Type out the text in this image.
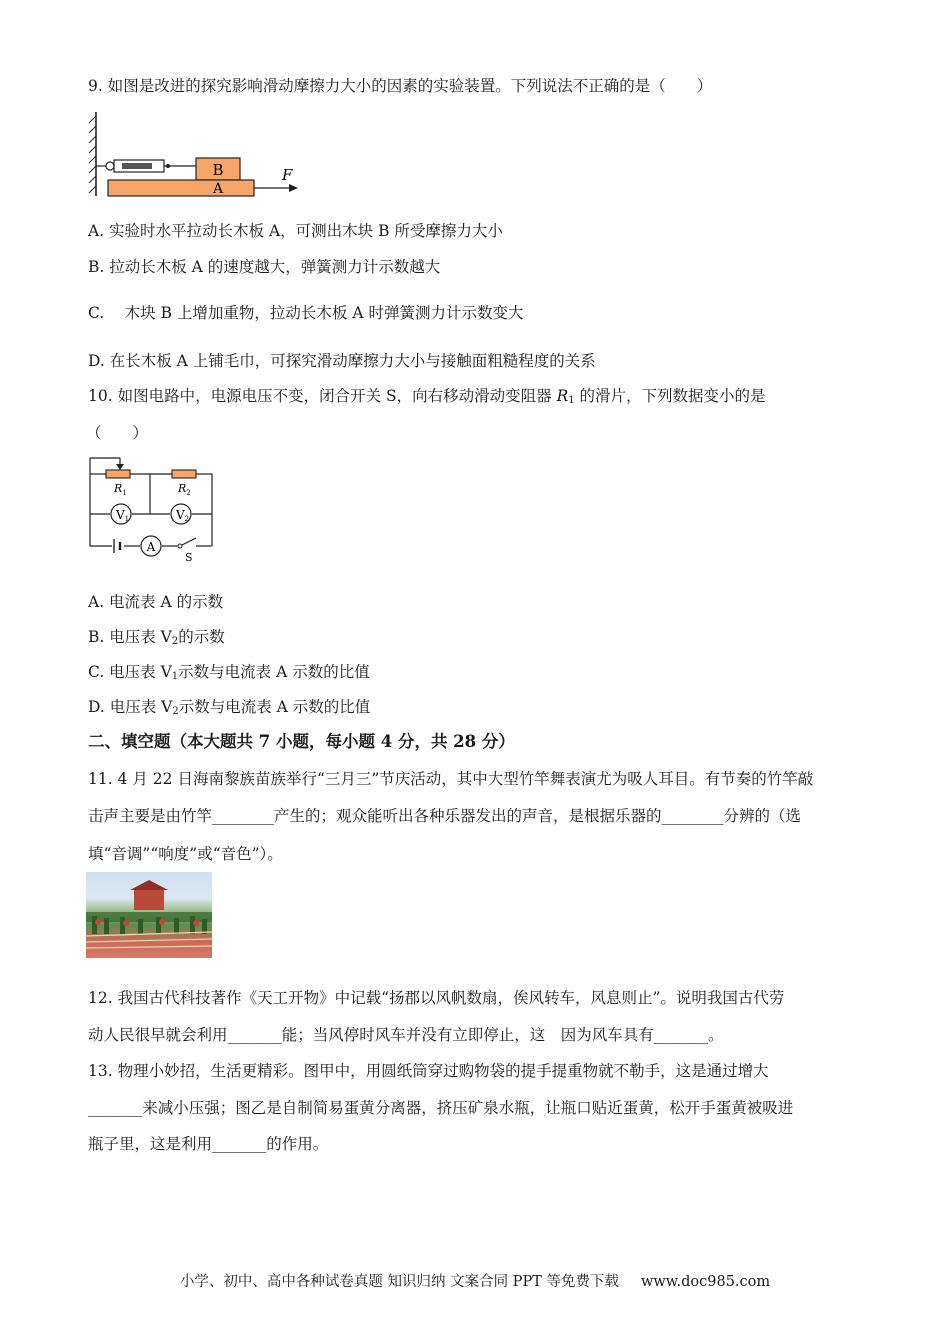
9. 如图是改进的探究影响滑动摩擦力大小的因素的实验装置。下列说法不正确的是（　　）
B
A
F
A. 实验时水平拉动长木板 A，可测出木块 B 所受摩擦力大小
B. 拉动长木板 A 的速度越大，弹簧测力计示数越大
C.　 木块 B 上增加重物，拉动长木板 A 时弹簧测力计示数变大
D. 在长木板 A 上铺毛巾，可探究滑动摩擦力大小与接触面粗糙程度的关系
10. 如图电路中，电源电压不变，闭合开关 S，向右移动滑动变阻器 $R_1$ 的滑片，下列数据变小的是
（　　）
$R_1$	$R_2$
V1	V2
A
S
A. 电流表 A 的示数
B. 电压表 $V_2$的示数
C. 电压表 $V_1$示数与电流表 A 示数的比值
D. 电压表 $V_2$示数与电流表 A 示数的比值
二、填空题（本大题共 7 小题，每小题 4 分，共 28 分）
11. 4 月 22 日海南黎族苗族举行“三月三”节庆活动，其中大型竹竿舞表演尤为吸人耳目。有节奏的竹竿敲
击声主要是由竹竿________产生的；观众能听出各种乐器发出的声音，是根据乐器的________分辨的（选
填“音调”“响度”或“音色”）。
12. 我国古代科技著作《天工开物》中记载“扬郡以风帆数扇，俟风转车，风息则止”。说明我国古代劳
动人民很早就会利用_______能；当风停时风车并没有立即停止，这　因为风车具有_______。
13. 物理小妙招，生活更精彩。图甲中，用圆纸筒穿过购物袋的提手提重物就不勒手，这是通过增大
_______来减小压强；图乙是自制简易蛋黄分离器，挤压矿泉水瓶，让瓶口贴近蛋黄，松开手蛋黄被吸进
瓶子里，这是利用_______的作用。
小学、初中、高中各种试卷真题 知识归纳 文案合同 PPT 等免费下载 www.doc985.com
